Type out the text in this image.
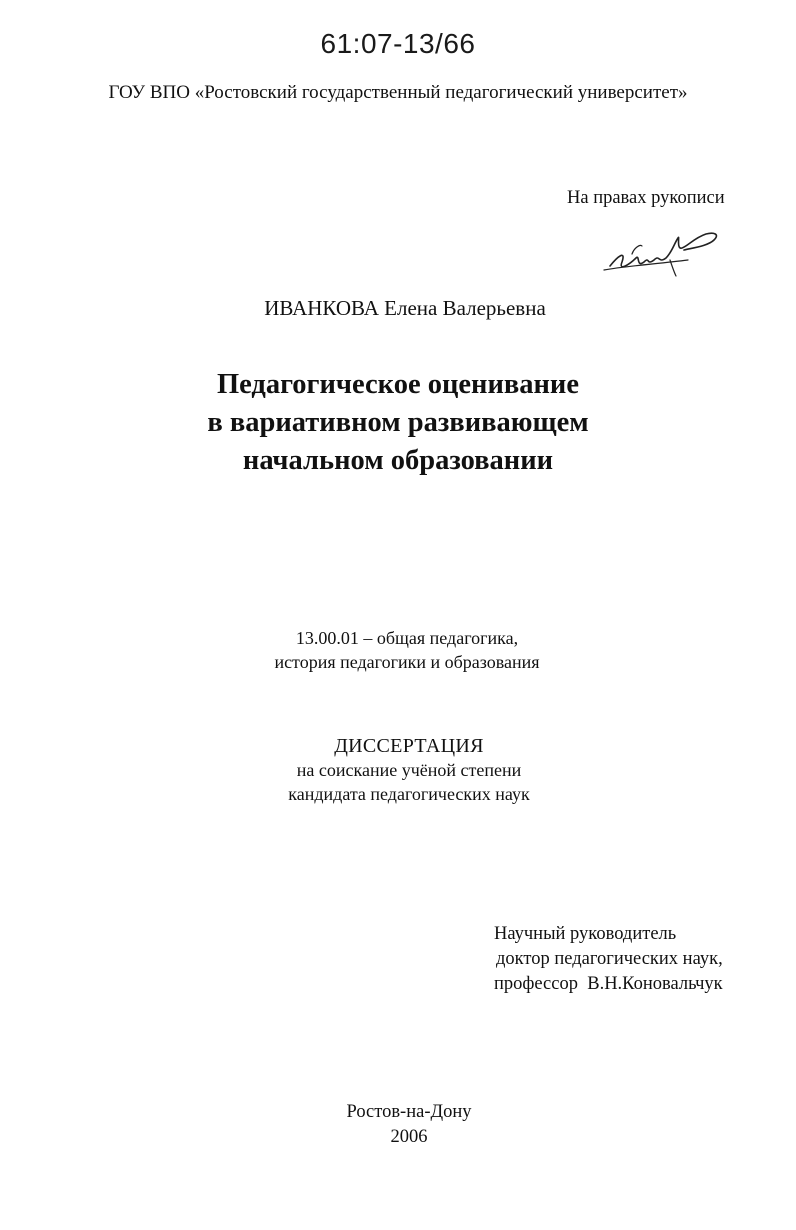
61:07-13/66
ГОУ ВПО «Ростовский государственный педагогический университет»
На правах рукописи
ИВАНКОВА Елена Валерьевна
Педагогическое оценивание
в вариативном развивающем
начальном образовании
13.00.01 – общая педагогика,
история педагогики и образования
ДИССЕРТАЦИЯ
на соискание учёной степени
кандидата педагогических наук
Научный руководитель
доктор педагогических наук,
профессор  В.Н.Коновальчук
Ростов-на-Дону
2006
